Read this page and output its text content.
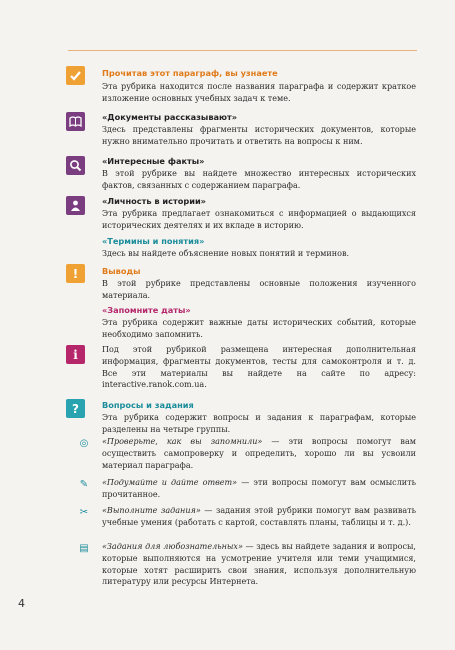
Прочитав этот параграф, вы узнаете
Эта рубрика находится после названия параграфа и содержит краткое изложение основных учебных задач к теме.
«Документы рассказывают»
Здесь представлены фрагменты исторических документов, которые нужно внимательно прочитать и ответить на вопросы к ним.
«Интересные факты»
В этой рубрике вы найдете множество интересных исторических фактов, связанных с содержанием параграфа.
«Личность в истории»
Эта рубрика предлагает ознакомиться с информацией о выдающихся исторических деятелях и их вкладе в историю.
«Термины и понятия»
Здесь вы найдете объяснение новых понятий и терминов.
!	Выводы
В этой рубрике представлены основные положения изученного материала.
«Запомните даты»
Эта рубрика содержит важные даты исторических событий, которые необходимо запомнить.
i	Под этой рубрикой размещена интересная дополнительная информация, фрагменты документов, тесты для самоконтроля и т. д. Все эти материалы вы найдете на сайте по адресу: interactive.ranok.com.ua.
?	Вопросы и задания
Эта рубрика содержит вопросы и задания к параграфам, которые разделены на четыре группы.
◎	«Проверьте, как вы запомнили» — эти вопросы помогут вам осуществить самопроверку и определить, хорошо ли вы усвоили материал параграфа.
✎	«Подумайте и дайте ответ» — эти вопросы помогут вам осмыслить прочитанное.
✂	«Выполните задания» — задания этой рубрики помогут вам развивать учебные умения (работать с картой, составлять планы, таблицы и т. д.).
▤ «Задания для любознательных» — здесь вы найдете задания и вопросы, которые выполняются на усмотрение учителя или теми учащимися, которые хотят расширить свои знания, используя дополнительную литературу или ресурсы Интернета.
4
